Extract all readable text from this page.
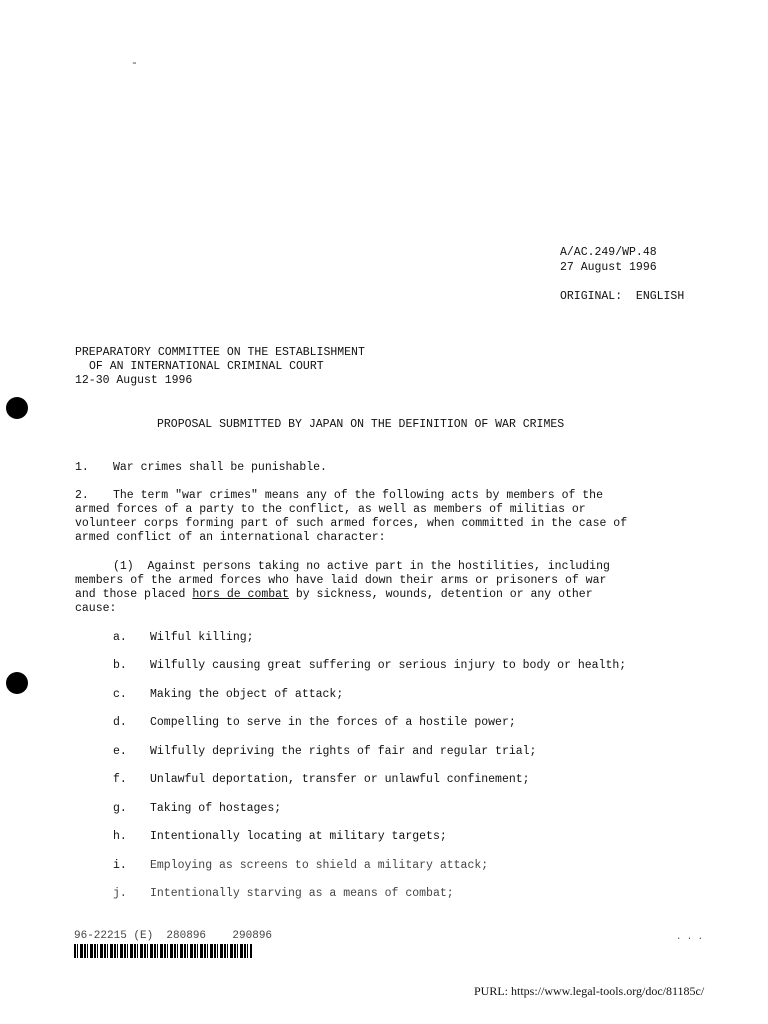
-
A/AC.249/WP.48
27 August 1996
ORIGINAL:  ENGLISH
PREPARATORY COMMITTEE ON THE ESTABLISHMENT
OF AN INTERNATIONAL CRIMINAL COURT
12-30 August 1996
PROPOSAL SUBMITTED BY JAPAN ON THE DEFINITION OF WAR CRIMES
1. War crimes shall be punishable.
2. The term "war crimes" means any of the following acts by members of the
armed forces of a party to the conflict, as well as members of militias or
volunteer corps forming part of such armed forces, when committed in the case of
armed conflict of an international character:
(1)  Against persons taking no active part in the hostilities, including
members of the armed forces who have laid down their arms or prisoners of war
and those placed hors de combat by sickness, wounds, detention or any other
cause:
a. Wilful killing;
b. Wilfully causing great suffering or serious injury to body or health;
c. Making the object of attack;
d. Compelling to serve in the forces of a hostile power;
e. Wilfully depriving the rights of fair and regular trial;
f. Unlawful deportation, transfer or unlawful confinement;
g. Taking of hostages;
h. Intentionally locating at military targets;
i. Employing as screens to shield a military attack;
j. Intentionally starving as a means of combat;
96-22215 (E)  280896    290896	. . .
PURL: https://www.legal-tools.org/doc/81185c/
